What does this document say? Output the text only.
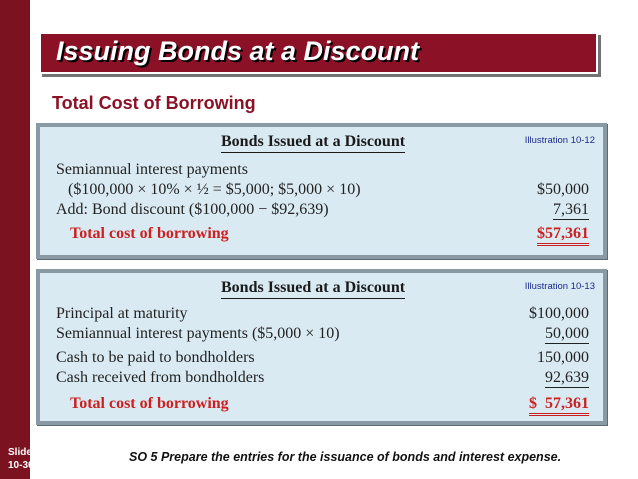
Issuing Bonds at a Discount
Total Cost of Borrowing
Bonds Issued at a Discount	Illustration 10-12
Semiannual interest payments
($100,000 × 10% × ½ = $5,000; $5,000 × 10)	$50,000
Add: Bond discount ($100,000 − $92,639)	7,361
Total cost of borrowing	$57,361
Bonds Issued at a Discount	Illustration 10-13
Principal at maturity	$100,000
Semiannual interest payments ($5,000 × 10)	50,000
Cash to be paid to bondholders	150,000
Cash received from bondholders	92,639
Total cost of borrowing	$  57,361
Slide
10-36
SO 5 Prepare the entries for the issuance of bonds and interest expense.
